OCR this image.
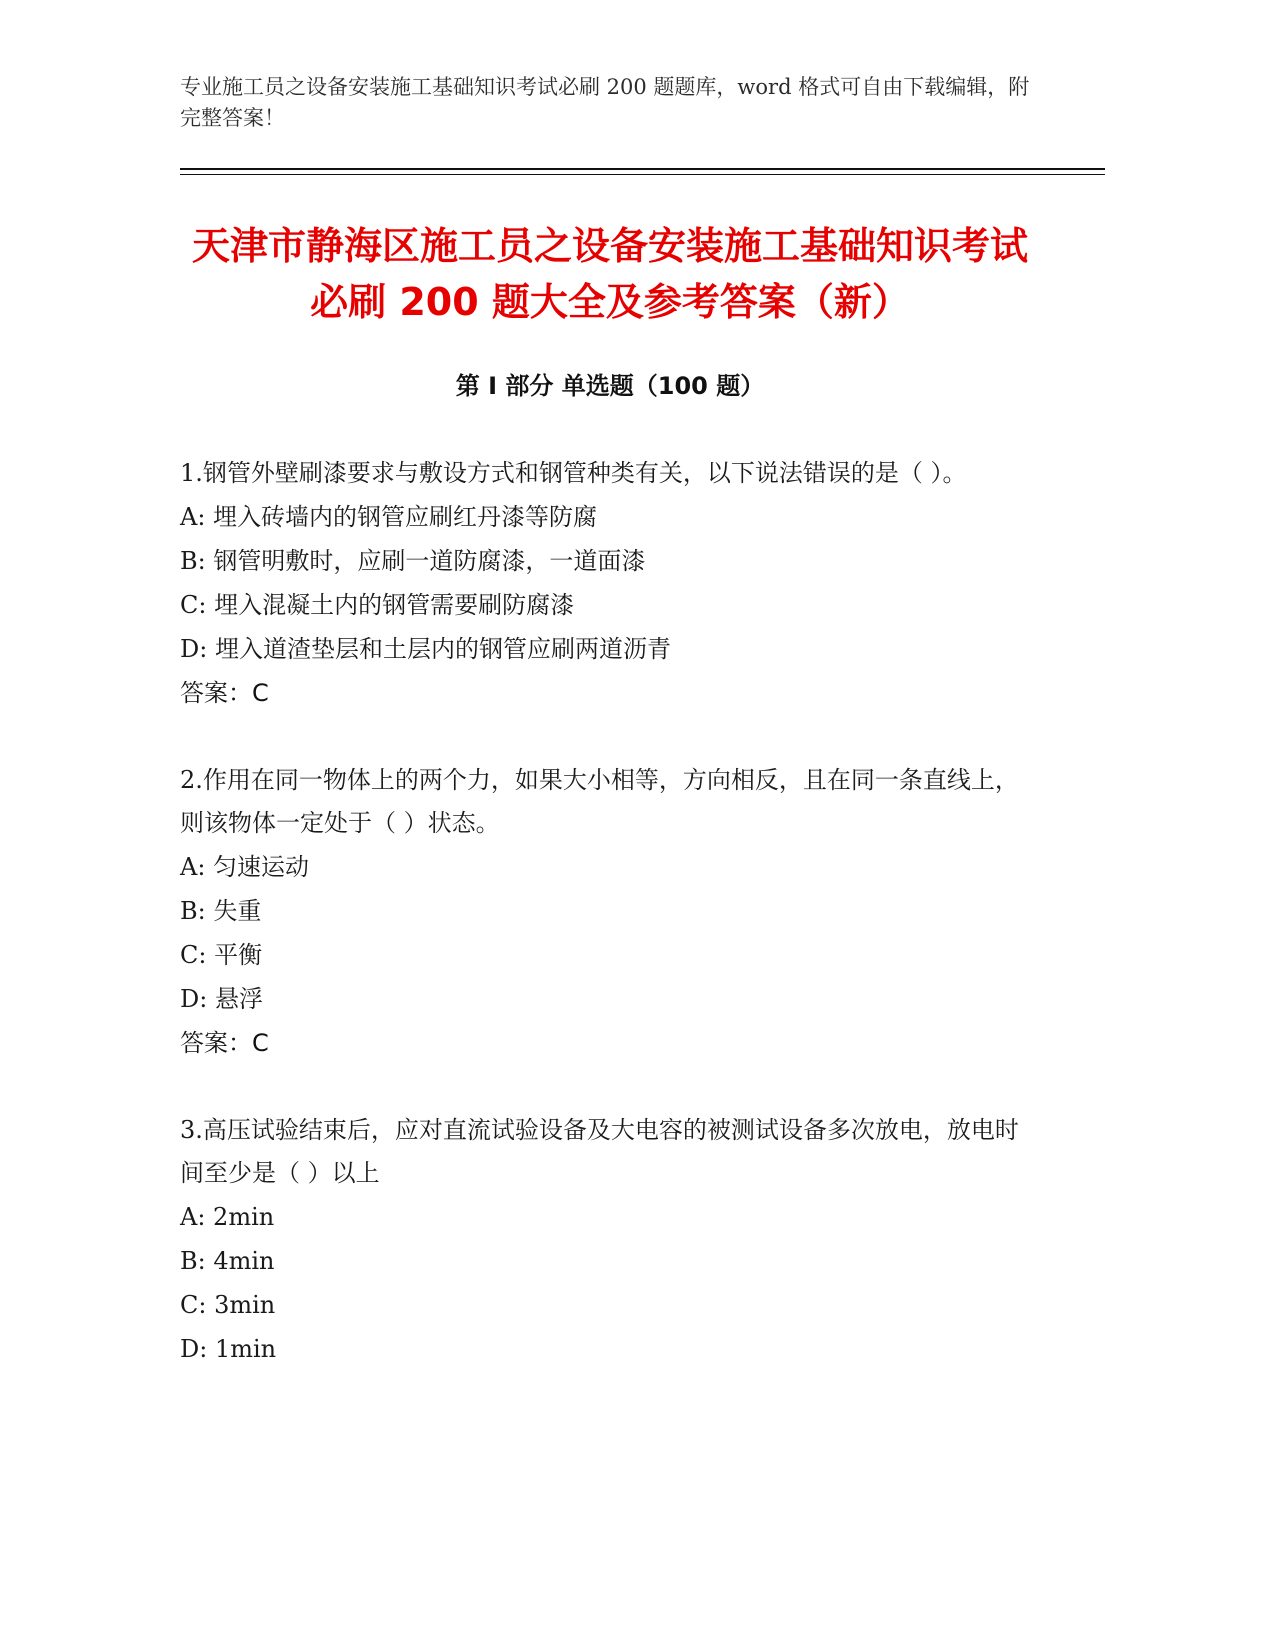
专业施工员之设备安装施工基础知识考试必刷 200 题题库，word 格式可自由下载编辑，附完整答案！
天津市静海区施工员之设备安装施工基础知识考试必刷 200 题大全及参考答案（新）
第 I 部分 单选题（100 题）
1.钢管外壁刷漆要求与敷设方式和钢管种类有关，以下说法错误的是（ ）。
A: 埋入砖墙内的钢管应刷红丹漆等防腐
B: 钢管明敷时，应刷一道防腐漆，一道面漆
C: 埋入混凝土内的钢管需要刷防腐漆
D: 埋入道渣垫层和土层内的钢管应刷两道沥青
答案：C
2.作用在同一物体上的两个力，如果大小相等，方向相反，且在同一条直线上，则该物体一定处于（ ）状态。
A: 匀速运动
B: 失重
C: 平衡
D: 悬浮
答案：C
3.高压试验结束后，应对直流试验设备及大电容的被测试设备多次放电，放电时间至少是（ ）以上
A: 2min
B: 4min
C: 3min
D: 1min
